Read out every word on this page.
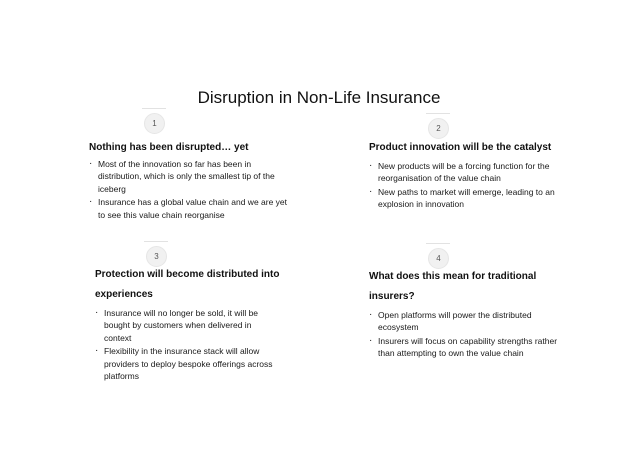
Disruption in Non-Life Insurance
1
2
3	4
Nothing has been disrupted… yet
· Most of the innovation so far has been in distribution, which is only the smallest tip of the iceberg
· Insurance has a global value chain and we are yet to see this value chain reorganise
Product innovation will be the catalyst
· New products will be a forcing function for the reorganisation of the value chain
· New paths to market will emerge, leading to an explosion in innovation
Protection will become distributed into experiences
· Insurance will no longer be sold, it will be bought by customers when delivered in context
· Flexibility in the insurance stack will allow providers to deploy bespoke offerings across platforms
What does this mean for traditional insurers?
· Open platforms will power the distributed ecosystem
· Insurers will focus on capability strengths rather than attempting to own the value chain
